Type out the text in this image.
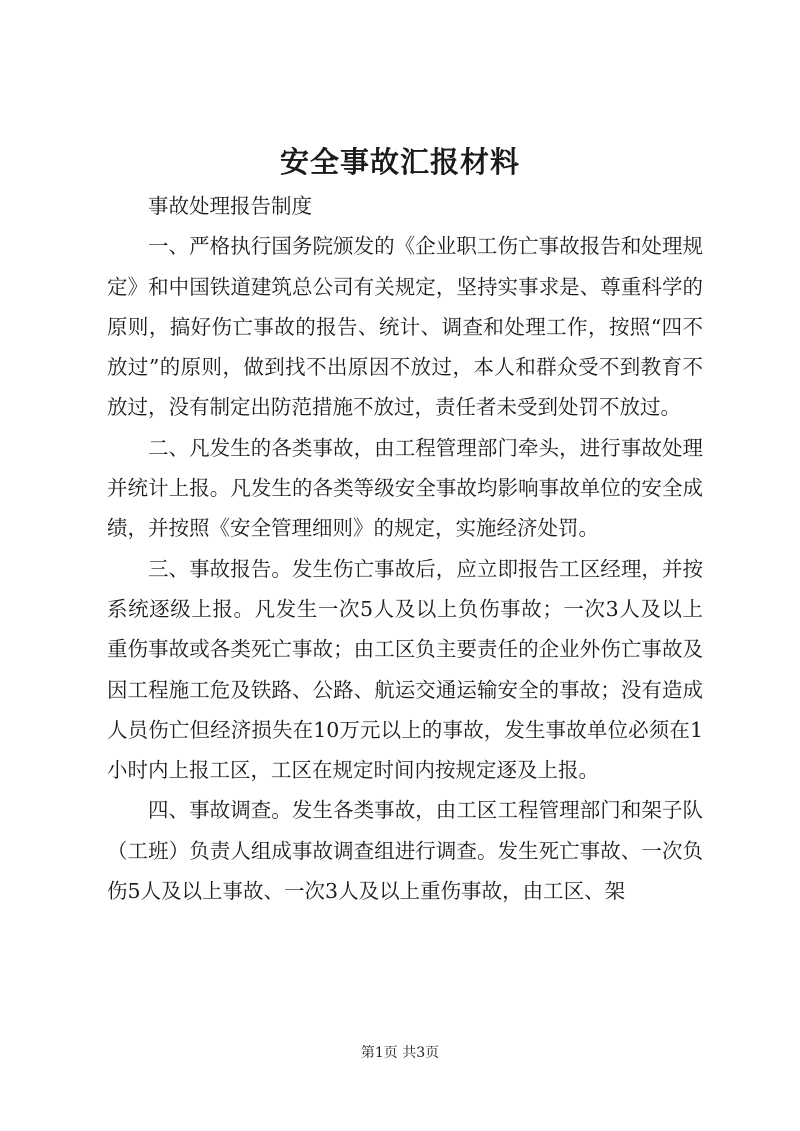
安全事故汇报材料

事故处理报告制度

一、严格执行国务院颁发的《企业职工伤亡事故报告和处理规定》和中国铁道建筑总公司有关规定，坚持实事求是、尊重科学的原则，搞好伤亡事故的报告、统计、调查和处理工作，按照“四不放过”的原则，做到找不出原因不放过，本人和群众受不到教育不放过，没有制定出防范措施不放过，责任者未受到处罚不放过。

二、凡发生的各类事故，由工程管理部门牵头，进行事故处理并统计上报。凡发生的各类等级安全事故均影响事故单位的安全成绩，并按照《安全管理细则》的规定，实施经济处罚。

三、事故报告。发生伤亡事故后，应立即报告工区经理，并按系统逐级上报。凡发生一次5人及以上负伤事故；一次3人及以上重伤事故或各类死亡事故；由工区负主要责任的企业外伤亡事故及因工程施工危及铁路、公路、航运交通运输安全的事故；没有造成人员伤亡但经济损失在10万元以上的事故，发生事故单位必须在1小时内上报工区，工区在规定时间内按规定逐及上报。

四、事故调查。发生各类事故，由工区工程管理部门和架子队（工班）负责人组成事故调查组进行调查。发生死亡事故、一次负伤5人及以上事故、一次3人及以上重伤事故，由工区、架

第1页 共3页
